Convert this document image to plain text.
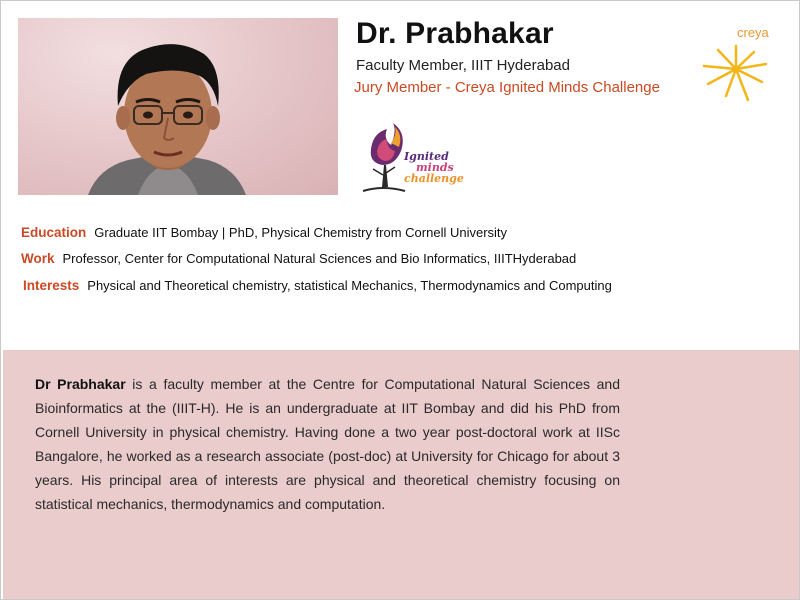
Dr. Prabhakar
Faculty Member, IIIT Hyderabad
Jury Member - Creya Ignited Minds Challenge
Ignited
minds
challenge
creya
Education Graduate IIT Bombay | PhD, Physical Chemistry from Cornell University
Work Professor, Center for Computational Natural Sciences and Bio Informatics, IIITHyderabad
Interests Physical and Theoretical chemistry, statistical Mechanics, Thermodynamics and Computing
Dr Prabhakar is a faculty member at the Centre for Computational Natural Sciences and Bioinformatics at the (IIIT-H). He is an undergraduate at IIT Bombay and did his PhD from Cornell University in physical chemistry. Having done a two year post-doctoral work at IISc Bangalore, he worked as a research associate (post-doc) at University for Chicago for about 3 years. His principal area of interests are physical and theoretical chemistry focusing on statistical mechanics, thermodynamics and computation.
